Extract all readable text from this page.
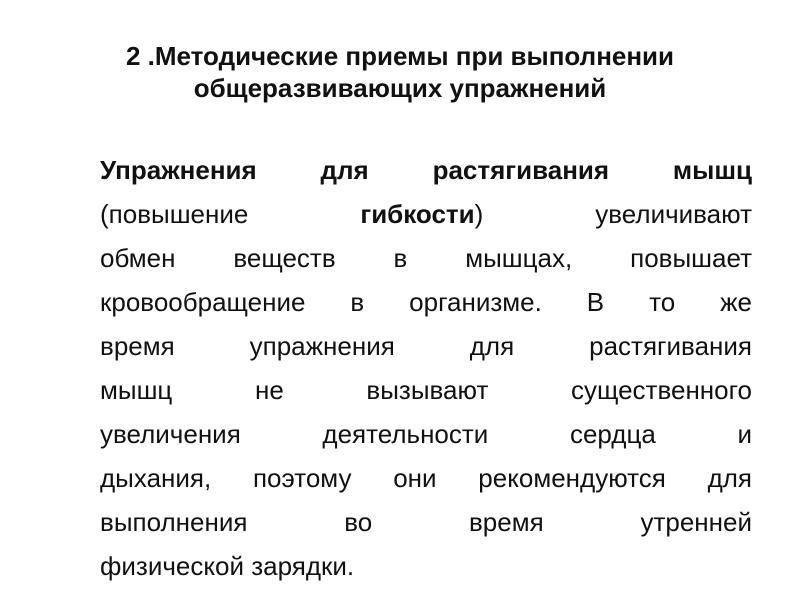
2 .Методические приемы при выполнении
общеразвивающих упражнений
Упражнения для растягивания мышц
(повышение гибкости) увеличивают
обмен веществ в мышцах, повышает
кровообращение в организме. В то же
время упражнения для растягивания
мышц не вызывают существенного
увеличения деятельности сердца и
дыхания, поэтому они рекомендуются для
выполнения во время утренней
физической зарядки.
